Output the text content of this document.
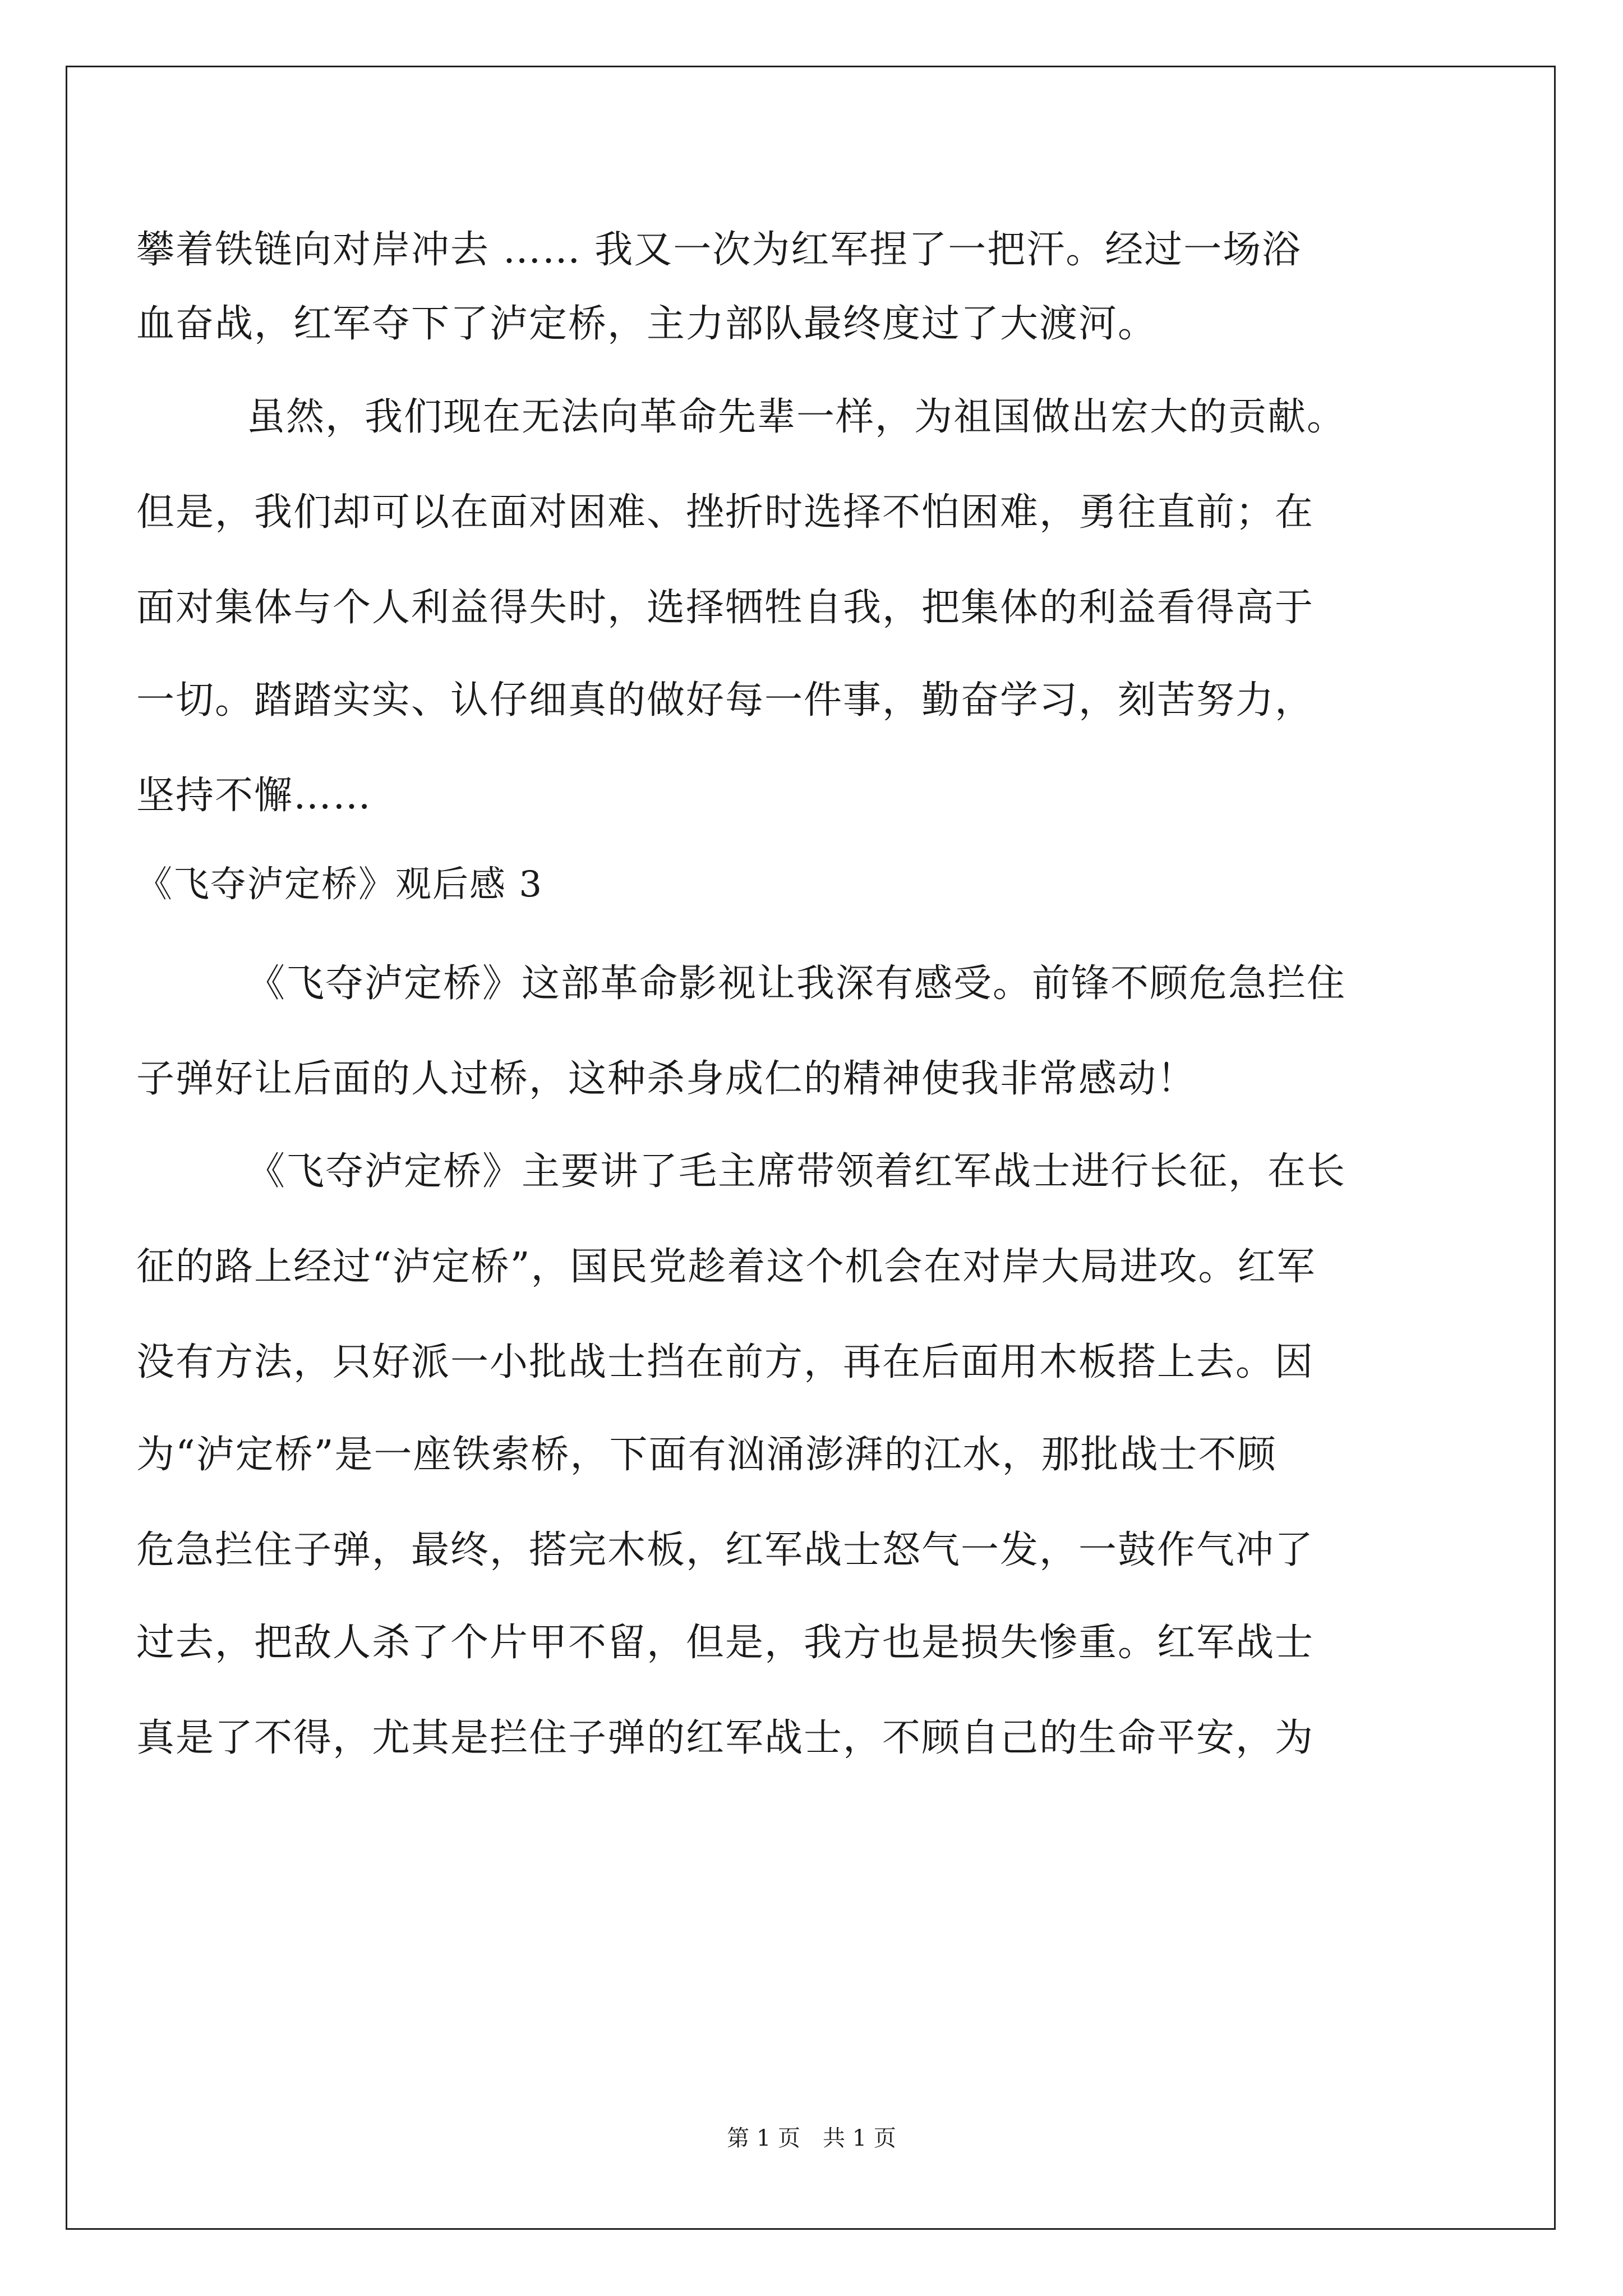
攀着铁链向对岸冲去 …… 我又一次为红军捏了一把汗。经过一场浴
血奋战，红军夺下了泸定桥，主力部队最终度过了大渡河。
虽然，我们现在无法向革命先辈一样，为祖国做出宏大的贡献。
但是，我们却可以在面对困难、挫折时选择不怕困难，勇往直前；在
面对集体与个人利益得失时，选择牺牲自我，把集体的利益看得高于
一切。踏踏实实、认仔细真的做好每一件事，勤奋学习，刻苦努力，
坚持不懈……
《飞夺泸定桥》观后感 3
《飞夺泸定桥》这部革命影视让我深有感受。前锋不顾危急拦住
子弹好让后面的人过桥，这种杀身成仁的精神使我非常感动！
《飞夺泸定桥》主要讲了毛主席带领着红军战士进行长征，在长
征的路上经过“泸定桥”，国民党趁着这个机会在对岸大局进攻。红军
没有方法，只好派一小批战士挡在前方，再在后面用木板搭上去。因
为“泸定桥”是一座铁索桥，下面有汹涌澎湃的江水，那批战士不顾
危急拦住子弹，最终，搭完木板，红军战士怒气一发，一鼓作气冲了
过去，把敌人杀了个片甲不留，但是，我方也是损失惨重。红军战士
真是了不得，尤其是拦住子弹的红军战士，不顾自己的生命平安，为
第 1 页　共 1 页
